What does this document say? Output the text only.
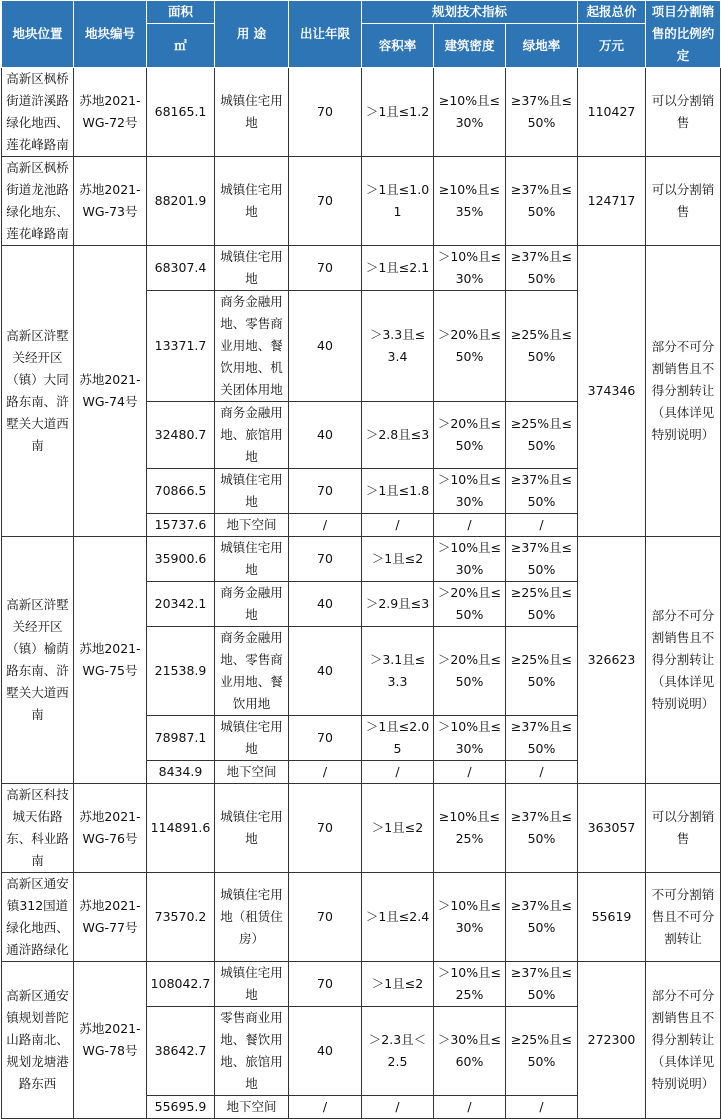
地块位置	地块编号	面积	用 途	出让年限	规划技术指标			起报总价	项目分割销售的比例约定
		㎡			容积率	建筑密度	绿地率	万元	
高新区枫桥街道浒溪路绿化地西、莲花峰路南	苏地2021-WG-72号	68165.1	城镇住宅用地	70	＞1且≤1.2	≥10%且≤30%	≥37%且≤50%	110427	可以分割销售
高新区枫桥街道龙池路绿化地东、莲花峰路南	苏地2021-WG-73号	88201.9	城镇住宅用地	70	＞1且≤1.01	≥10%且≤35%	≥37%且≤50%	124717	可以分割销售
高新区浒墅关经开区（镇）大同路东南、浒墅关大道西南	苏地2021-WG-74号	68307.4	城镇住宅用地	70	＞1且≤2.1	＞10%且≤30%	≥37%且≤50%	374346	部分不可分割销售且不得分割转让（具体详见特别说明）
		13371.7	商务金融用地、零售商业用地、餐饮用地、机关团体用地	40	＞3.3且≤3.4	＞20%且≤50%	≥25%且≤50%		
		32480.7	商务金融用地、旅馆用地	40	＞2.8且≤3	＞20%且≤50%	≥25%且≤50%		
		70866.5	城镇住宅用地	70	＞1且≤1.8	＞10%且≤30%	≥37%且≤50%		
		15737.6	地下空间	/	/	/	/		
高新区浒墅关经开区（镇）榆荫路东南、浒墅关大道西南	苏地2021-WG-75号	35900.6	城镇住宅用地	70	＞1且≤2	＞10%且≤30%	≥37%且≤50%	326623	部分不可分割销售且不得分割转让（具体详见特别说明）
		20342.1	商务金融用地	40	＞2.9且≤3	＞20%且≤50%	≥25%且≤50%		
		21538.9	商务金融用地、零售商业用地、餐饮用地	40	＞3.1且≤3.3	＞20%且≤50%	≥25%且≤50%		
		78987.1	城镇住宅用地	70	＞1且≤2.05	＞10%且≤30%	≥37%且≤50%		
		8434.9	地下空间	/	/	/	/		
高新区科技城天佑路东、科业路南	苏地2021-WG-76号	114891.6	城镇住宅用地	70	＞1且≤2	≥10%且≤25%	≥37%且≤50%	363057	可以分割销售
高新区通安镇312国道绿化地西、通浒路绿化	苏地2021-WG-77号	73570.2	城镇住宅用地（租赁住房）	70	＞1且≤2.4	＞10%且≤30%	≥37%且≤50%	55619	不可分割销售且不可分割转让
高新区通安镇规划普陀山路南北、规划龙塘港路东西	苏地2021-WG-78号	108042.7	城镇住宅用地	70	＞1且≤2	＞10%且≤25%	≥37%且≤50%	272300	部分不可分割销售且不得分割转让（具体详见特别说明）
		38642.7	零售商业用地、餐饮用地、旅馆用地	40	＞2.3且＜2.5	＞30%且≤60%	≥25%且≤50%		
		55695.9	地下空间	/	/	/	/		
